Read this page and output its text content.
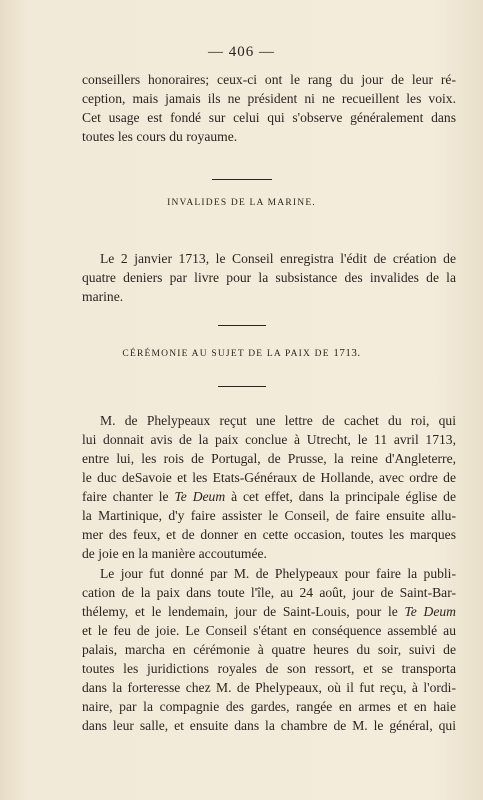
— 406 —
conseillers honoraires; ceux-ci ont le rang du jour de leur ré-
ception, mais jamais ils ne président ni ne recueillent les voix.
Cet usage est fondé sur celui qui s'observe généralement dans
toutes les cours du royaume.
INVALIDES DE LA MARINE.
Le 2 janvier 1713, le Conseil enregistra l'édit de création de
quatre deniers par livre pour la subsistance des invalides de la
marine.
CÉRÉMONIE AU SUJET DE LA PAIX DE 1713.
M. de Phelypeaux reçut une lettre de cachet du roi, qui
lui donnait avis de la paix conclue à Utrecht, le 11 avril 1713,
entre lui, les rois de Portugal, de Prusse, la reine d'Angleterre,
le duc deSavoie et les Etats-Généraux de Hollande, avec ordre de
faire chanter le Te Deum à cet effet, dans la principale église de
la Martinique, d'y faire assister le Conseil, de faire ensuite allu-
mer des feux, et de donner en cette occasion, toutes les marques
de joie en la manière accoutumée.
Le jour fut donné par M. de Phelypeaux pour faire la publi-
cation de la paix dans toute l'île, au 24 août, jour de Saint-Bar-
thélemy, et le lendemain, jour de Saint-Louis, pour le Te Deum
et le feu de joie. Le Conseil s'étant en conséquence assemblé au
palais, marcha en cérémonie à quatre heures du soir, suivi de
toutes les juridictions royales de son ressort, et se transporta
dans la forteresse chez M. de Phelypeaux, où il fut reçu, à l'ordi-
naire, par la compagnie des gardes, rangée en armes et en haie
dans leur salle, et ensuite dans la chambre de M. le général, qui
